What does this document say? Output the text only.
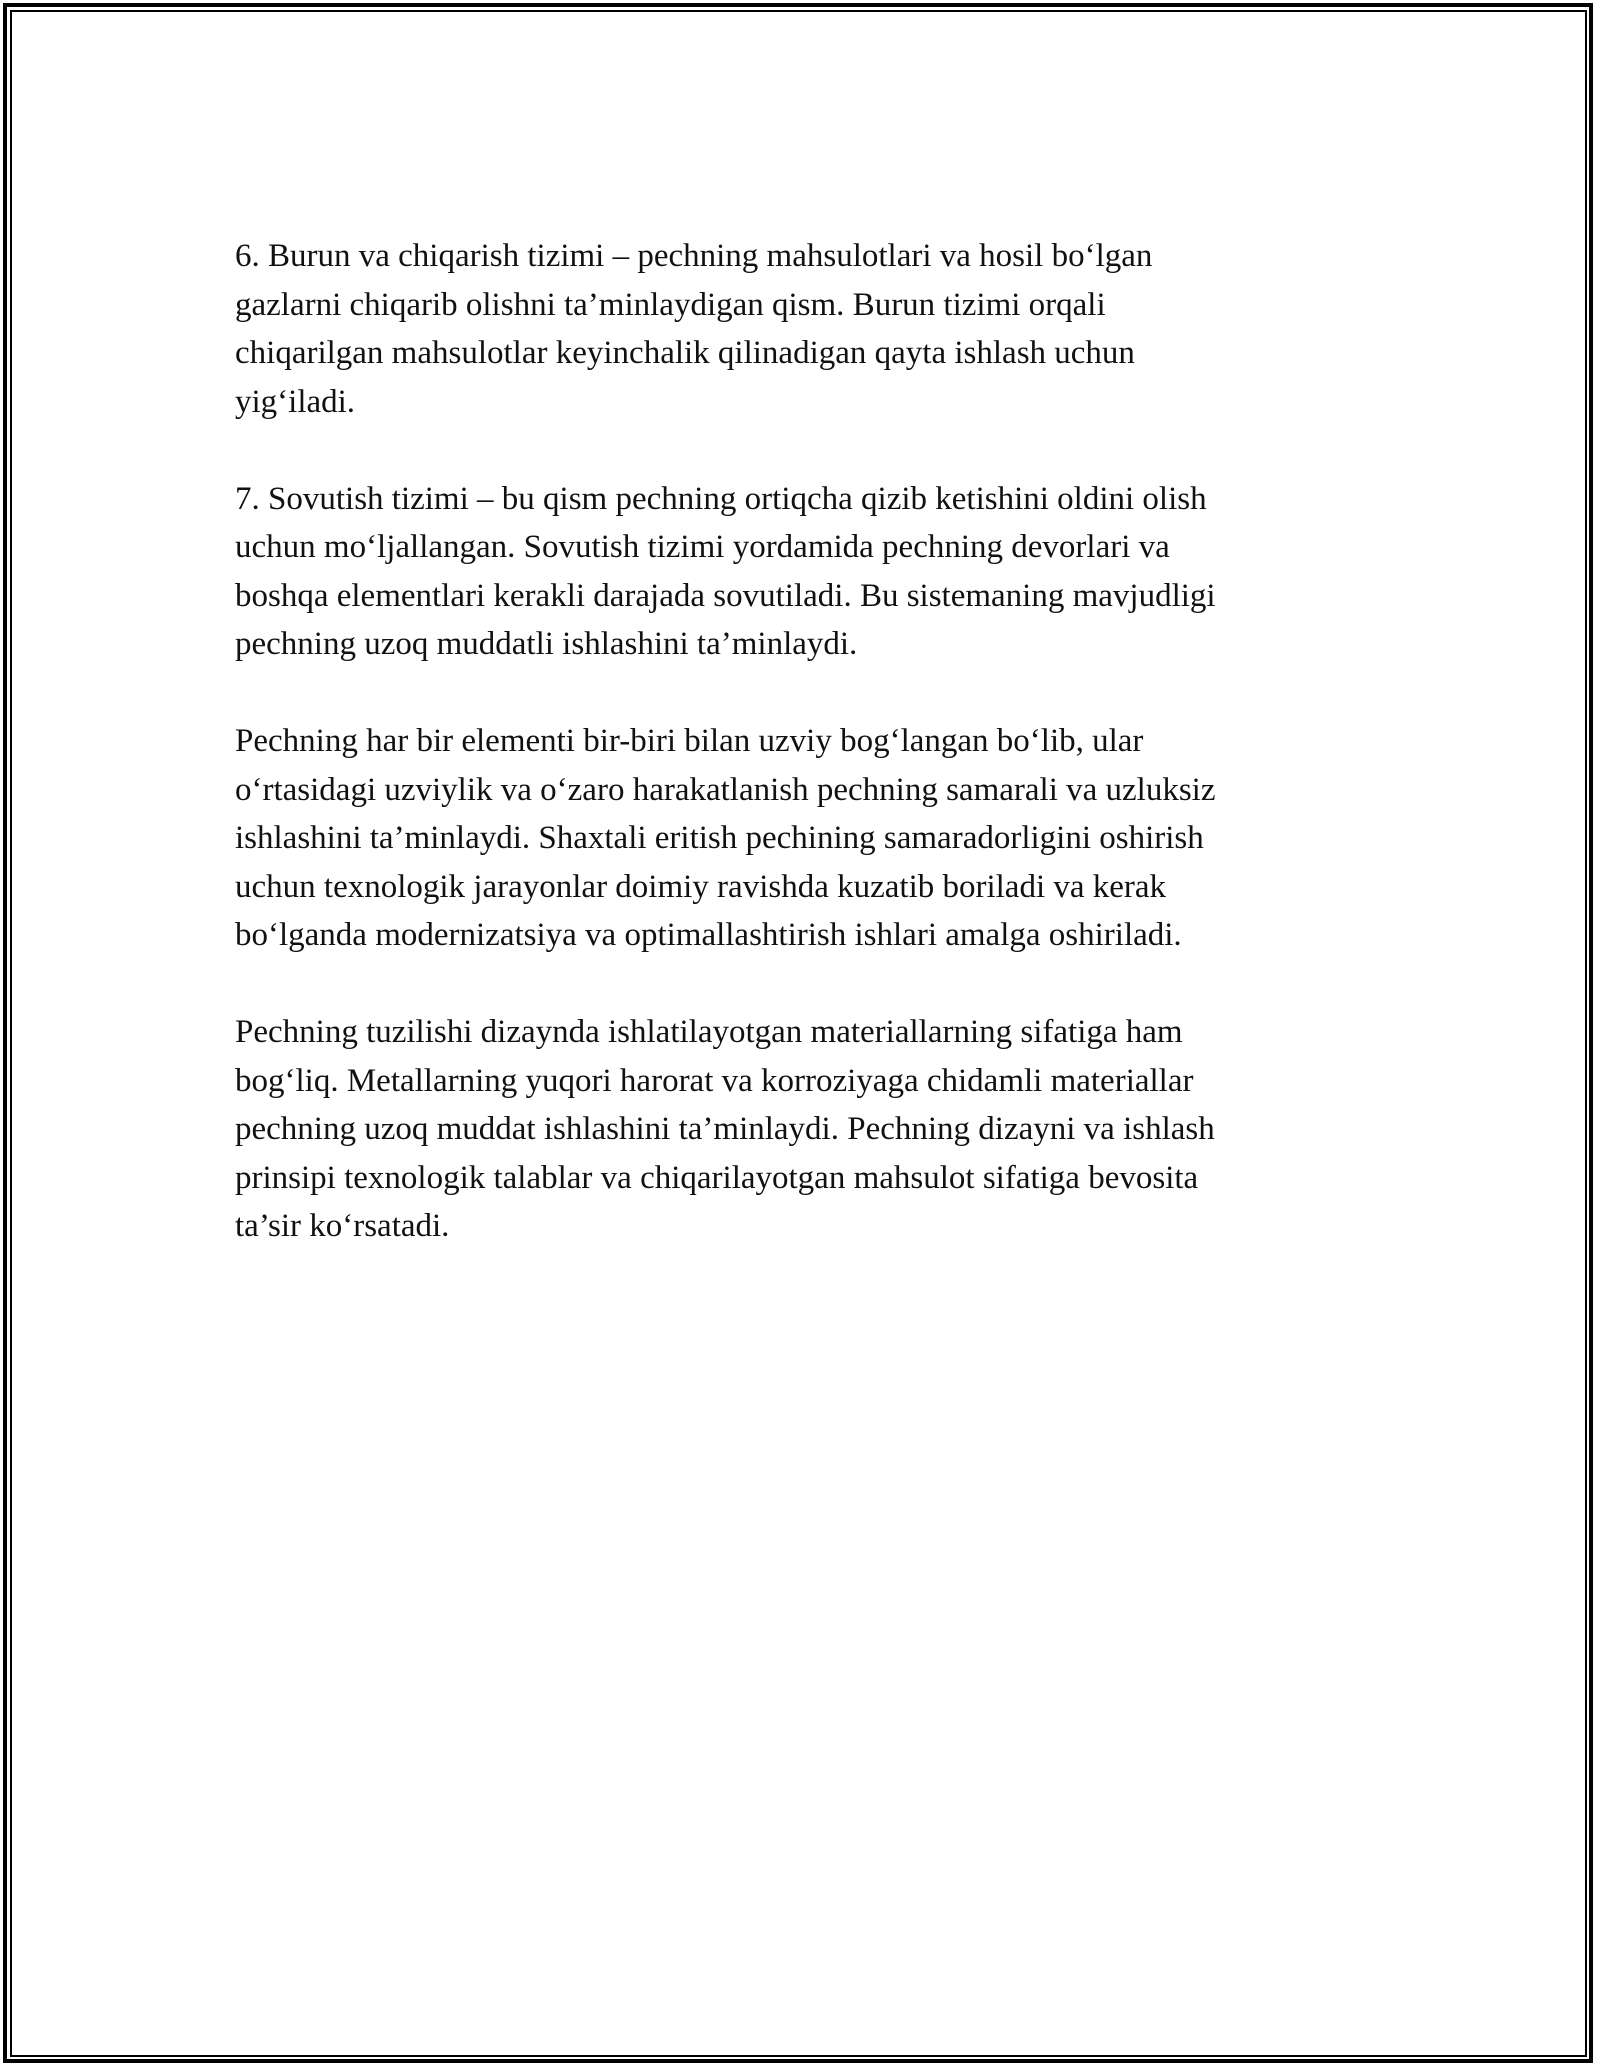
6. Burun va chiqarish tizimi – pechning mahsulotlari va hosil bo‘lgan
gazlarni chiqarib olishni ta’minlaydigan qism. Burun tizimi orqali
chiqarilgan mahsulotlar keyinchalik qilinadigan qayta ishlash uchun
yig‘iladi.

7. Sovutish tizimi – bu qism pechning ortiqcha qizib ketishini oldini olish
uchun mo‘ljallangan. Sovutish tizimi yordamida pechning devorlari va
boshqa elementlari kerakli darajada sovutiladi. Bu sistemaning mavjudligi
pechning uzoq muddatli ishlashini ta’minlaydi.

Pechning har bir elementi bir-biri bilan uzviy bog‘langan bo‘lib, ular
o‘rtasidagi uzviylik va o‘zaro harakatlanish pechning samarali va uzluksiz
ishlashini ta’minlaydi. Shaxtali eritish pechining samaradorligini oshirish
uchun texnologik jarayonlar doimiy ravishda kuzatib boriladi va kerak
bo‘lganda modernizatsiya va optimallashtirish ishlari amalga oshiriladi.

Pechning tuzilishi dizaynda ishlatilayotgan materiallarning sifatiga ham
bog‘liq. Metallarning yuqori harorat va korroziyaga chidamli materiallar
pechning uzoq muddat ishlashini ta’minlaydi. Pechning dizayni va ishlash
prinsipi texnologik talablar va chiqarilayotgan mahsulot sifatiga bevosita
ta’sir ko‘rsatadi.
